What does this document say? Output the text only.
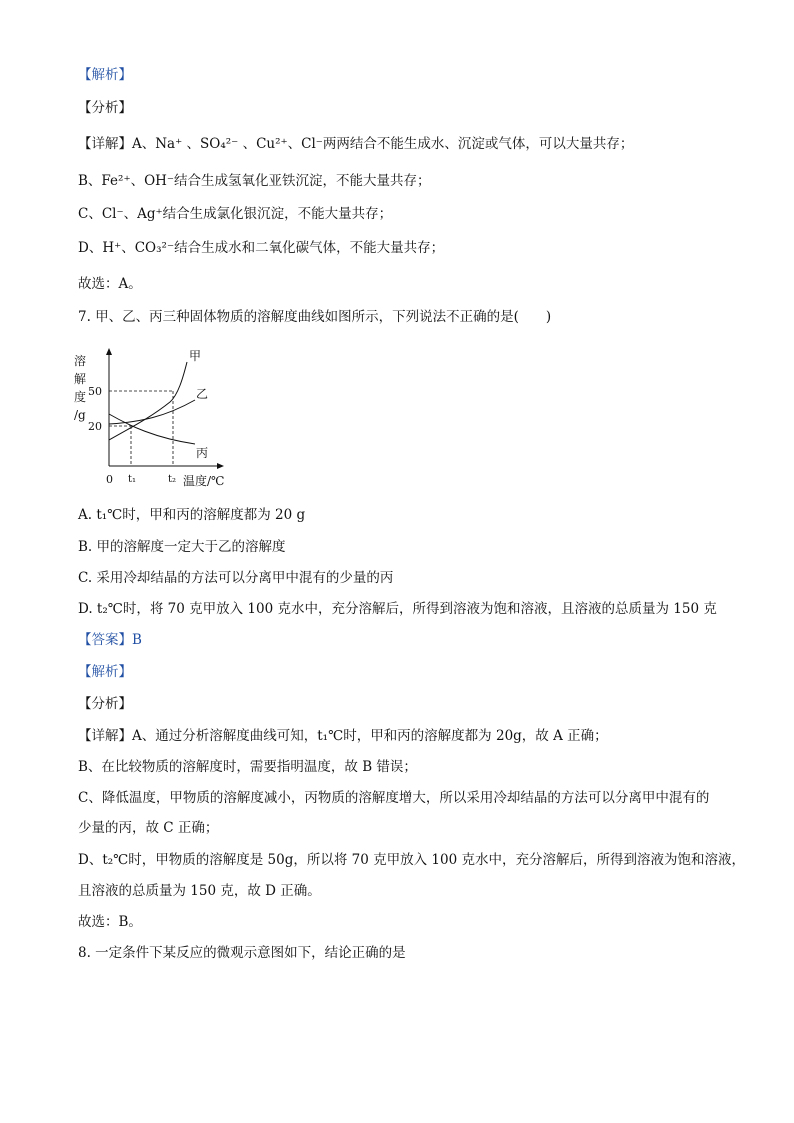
【解析】
【分析】
【详解】A、Na⁺ 、SO₄²⁻ 、Cu²⁺、Cl⁻两两结合不能生成水、沉淀或气体，可以大量共存；
B、Fe²⁺、OH⁻结合生成氢氧化亚铁沉淀，不能大量共存；
C、Cl⁻、Ag⁺结合生成氯化银沉淀，不能大量共存；
D、H⁺、CO₃²⁻结合生成水和二氧化碳气体，不能大量共存；
故选：A。
7. 甲、乙、丙三种固体物质的溶解度曲线如图所示，下列说法不正确的是(　　)
溶
解
度
/g
50
20
0 t₁	t₂ 温度/℃
甲
乙
丙
A. t₁℃时，甲和丙的溶解度都为 20 g
B. 甲的溶解度一定大于乙的溶解度
C. 采用冷却结晶的方法可以分离甲中混有的少量的丙
D. t₂℃时，将 70 克甲放入 100 克水中，充分溶解后，所得到溶液为饱和溶液，且溶液的总质量为 150 克
【答案】B
【解析】
【分析】
【详解】A、通过分析溶解度曲线可知，t₁℃时，甲和丙的溶解度都为 20g，故 A 正确；
B、在比较物质的溶解度时，需要指明温度，故 B 错误；
C、降低温度，甲物质的溶解度减小，丙物质的溶解度增大，所以采用冷却结晶的方法可以分离甲中混有的
少量的丙，故 C 正确；
D、t₂℃时，甲物质的溶解度是 50g，所以将 70 克甲放入 100 克水中，充分溶解后，所得到溶液为饱和溶液，
且溶液的总质量为 150 克，故 D 正确。
故选：B。
8. 一定条件下某反应的微观示意图如下，结论正确的是
